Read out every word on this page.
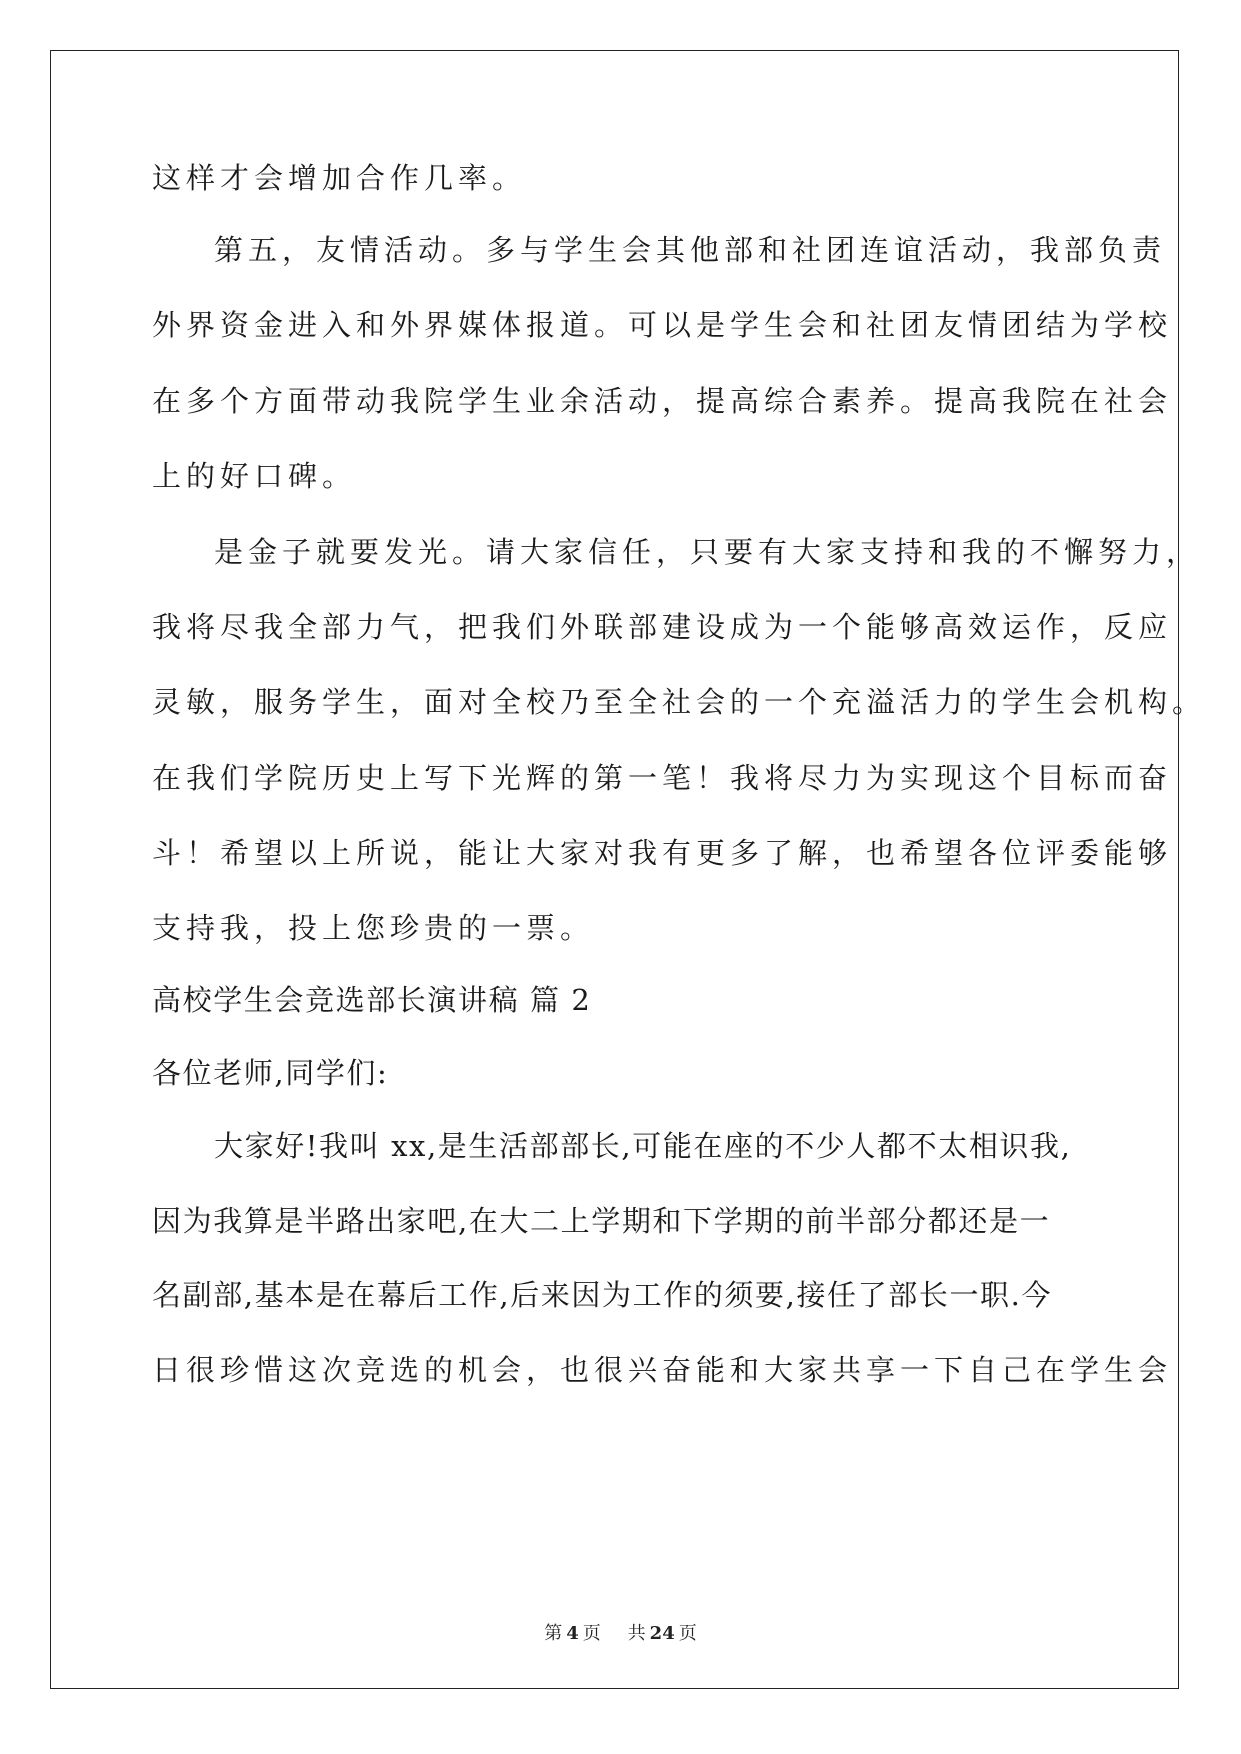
这样才会增加合作几率。
第五，友情活动。多与学生会其他部和社团连谊活动，我部负责
外界资金进入和外界媒体报道。可以是学生会和社团友情团结为学校
在多个方面带动我院学生业余活动，提高综合素养。提高我院在社会
上的好口碑。
是金子就要发光。请大家信任，只要有大家支持和我的不懈努力，
我将尽我全部力气，把我们外联部建设成为一个能够高效运作，反应
灵敏，服务学生，面对全校乃至全社会的一个充溢活力的学生会机构。
在我们学院历史上写下光辉的第一笔！我将尽力为实现这个目标而奋
斗！希望以上所说，能让大家对我有更多了解，也希望各位评委能够
支持我，投上您珍贵的一票。
高校学生会竞选部长演讲稿 篇 2
各位老师,同学们:
大家好!我叫 xx,是生活部部长,可能在座的不少人都不太相识我,
因为我算是半路出家吧,在大二上学期和下学期的前半部分都还是一
名副部,基本是在幕后工作,后来因为工作的须要,接任了部长一职.今
日很珍惜这次竞选的机会，也很兴奋能和大家共享一下自己在学生会
第 4 页 共 24 页
